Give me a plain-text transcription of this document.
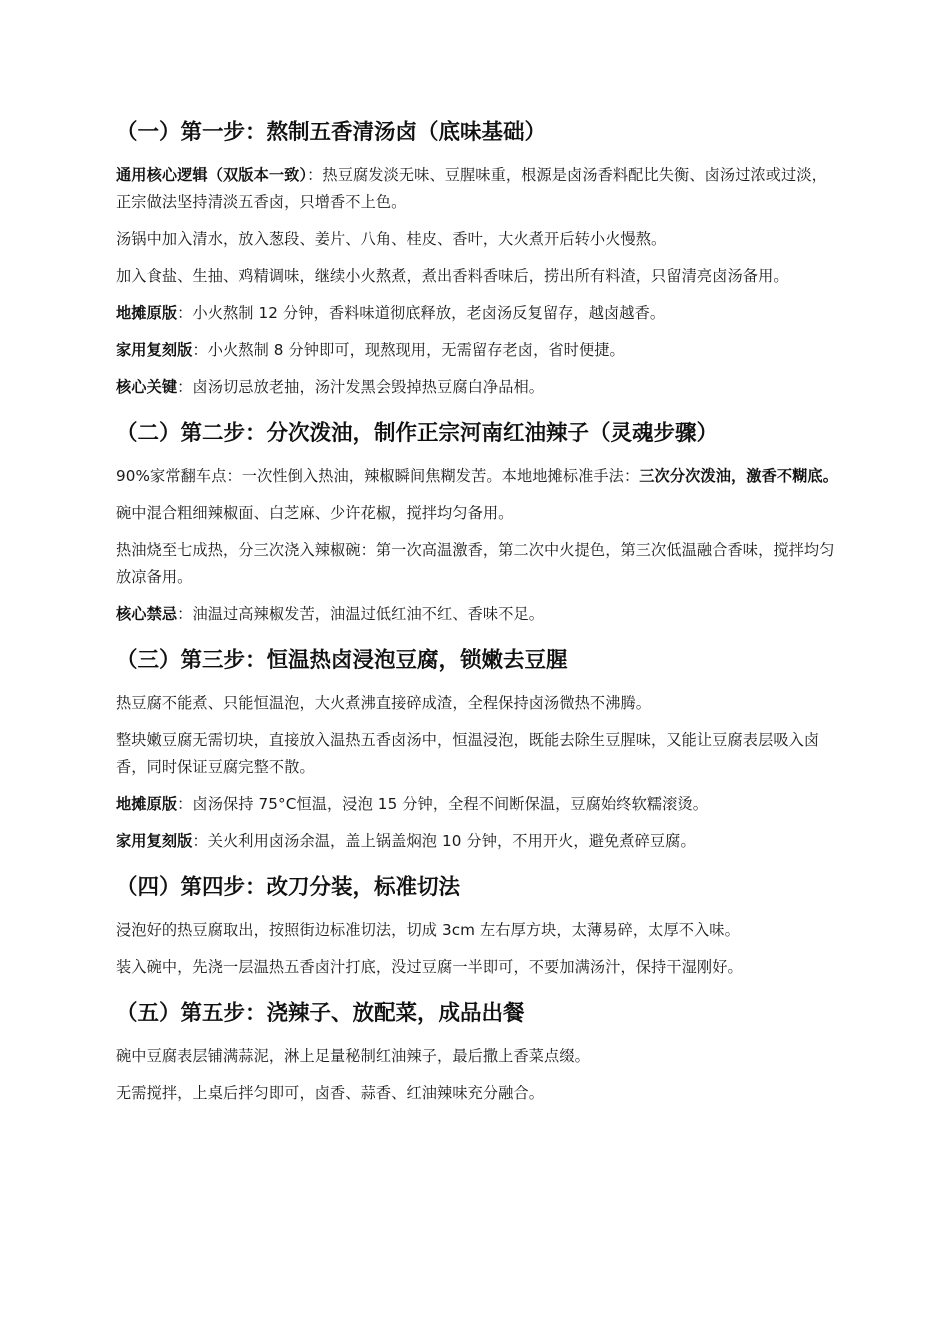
（一）第一步：熬制五香清汤卤（底味基础）

通用核心逻辑（双版本一致）：热豆腐发淡无味、豆腥味重，根源是卤汤香料配比失衡、卤汤过浓或过淡，正宗做法坚持清淡五香卤，只增香不上色。

汤锅中加入清水，放入葱段、姜片、八角、桂皮、香叶，大火煮开后转小火慢熬。

加入食盐、生抽、鸡精调味，继续小火熬煮，煮出香料香味后，捞出所有料渣，只留清亮卤汤备用。

地摊原版：小火熬制 12 分钟，香料味道彻底释放，老卤汤反复留存，越卤越香。

家用复刻版：小火熬制 8 分钟即可，现熬现用，无需留存老卤，省时便捷。

核心关键：卤汤切忌放老抽，汤汁发黑会毁掉热豆腐白净品相。

（二）第二步：分次泼油，制作正宗河南红油辣子（灵魂步骤）

90%家常翻车点：一次性倒入热油，辣椒瞬间焦糊发苦。本地地摊标准手法：三次分次泼油，激香不糊底。

碗中混合粗细辣椒面、白芝麻、少许花椒，搅拌均匀备用。

热油烧至七成热，分三次浇入辣椒碗：第一次高温激香，第二次中火提色，第三次低温融合香味，搅拌均匀放凉备用。

核心禁忌：油温过高辣椒发苦，油温过低红油不红、香味不足。

（三）第三步：恒温热卤浸泡豆腐，锁嫩去豆腥

热豆腐不能煮、只能恒温泡，大火煮沸直接碎成渣，全程保持卤汤微热不沸腾。

整块嫩豆腐无需切块，直接放入温热五香卤汤中，恒温浸泡，既能去除生豆腥味，又能让豆腐表层吸入卤香，同时保证豆腐完整不散。

地摊原版：卤汤保持 75°C恒温，浸泡 15 分钟，全程不间断保温，豆腐始终软糯滚烫。

家用复刻版：关火利用卤汤余温，盖上锅盖焖泡 10 分钟，不用开火，避免煮碎豆腐。

（四）第四步：改刀分装，标准切法

浸泡好的热豆腐取出，按照街边标准切法，切成 3cm 左右厚方块，太薄易碎，太厚不入味。

装入碗中，先浇一层温热五香卤汁打底，没过豆腐一半即可，不要加满汤汁，保持干湿刚好。

（五）第五步：浇辣子、放配菜，成品出餐

碗中豆腐表层铺满蒜泥，淋上足量秘制红油辣子，最后撒上香菜点缀。

无需搅拌，上桌后拌匀即可，卤香、蒜香、红油辣味充分融合。
